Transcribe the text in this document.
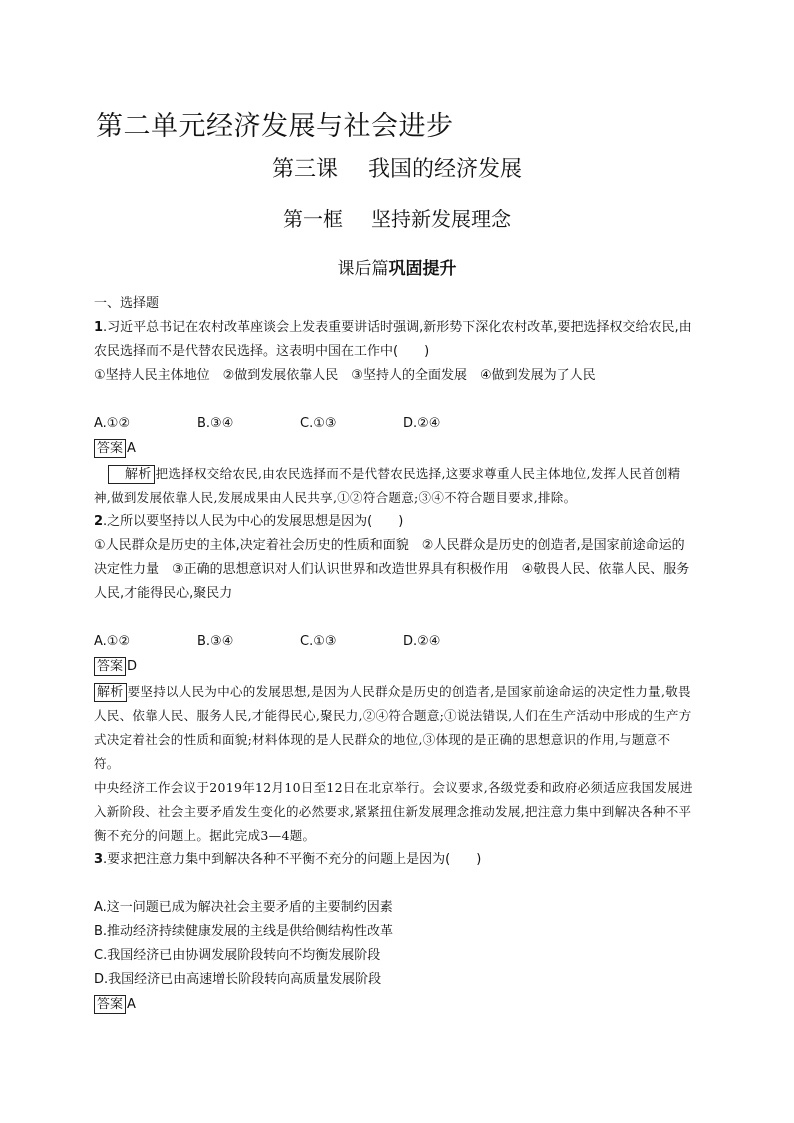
第二单元经济发展与社会进步
第三课 我国的经济发展
第一框 坚持新发展理念
课后篇巩固提升

一、选择题

1.习近平总书记在农村改革座谈会上发表重要讲话时强调,新形势下深化农村改革,要把选择权交给农民,由农民选择而不是代替农民选择。这表明中国在工作中(　　)

①坚持人民主体地位　②做到发展依靠人民　③坚持人的全面发展　④做到发展为了人民

A.①②	B.③④	C.①③	D.②④

答案 A

解析 把选择权交给农民,由农民选择而不是代替农民选择,这要求尊重人民主体地位,发挥人民首创精神,做到发展依靠人民,发展成果由人民共享,①②符合题意;③④不符合题目要求,排除。

2.之所以要坚持以人民为中心的发展思想是因为(　　)

①人民群众是历史的主体,决定着社会历史的性质和面貌　②人民群众是历史的创造者,是国家前途命运的决定性力量　③正确的思想意识对人们认识世界和改造世界具有积极作用　④敬畏人民、依靠人民、服务人民,才能得民心,聚民力

A.①②	B.③④	C.①③	D.②④

答案 D

解析 要坚持以人民为中心的发展思想,是因为人民群众是历史的创造者,是国家前途命运的决定性力量,敬畏人民、依靠人民、服务人民,才能得民心,聚民力,②④符合题意;①说法错误,人们在生产活动中形成的生产方式决定着社会的性质和面貌;材料体现的是人民群众的地位,③体现的是正确的思想意识的作用,与题意不符。

中央经济工作会议于2019年12月10日至12日在北京举行。会议要求,各级党委和政府必须适应我国发展进入新阶段、社会主要矛盾发生变化的必然要求,紧紧扭住新发展理念推动发展,把注意力集中到解决各种不平衡不充分的问题上。据此完成3—4题。

3.要求把注意力集中到解决各种不平衡不充分的问题上是因为(　　)

A.这一问题已成为解决社会主要矛盾的主要制约因素

B.推动经济持续健康发展的主线是供给侧结构性改革

C.我国经济已由协调发展阶段转向不均衡发展阶段

D.我国经济已由高速增长阶段转向高质量发展阶段

答案 A
